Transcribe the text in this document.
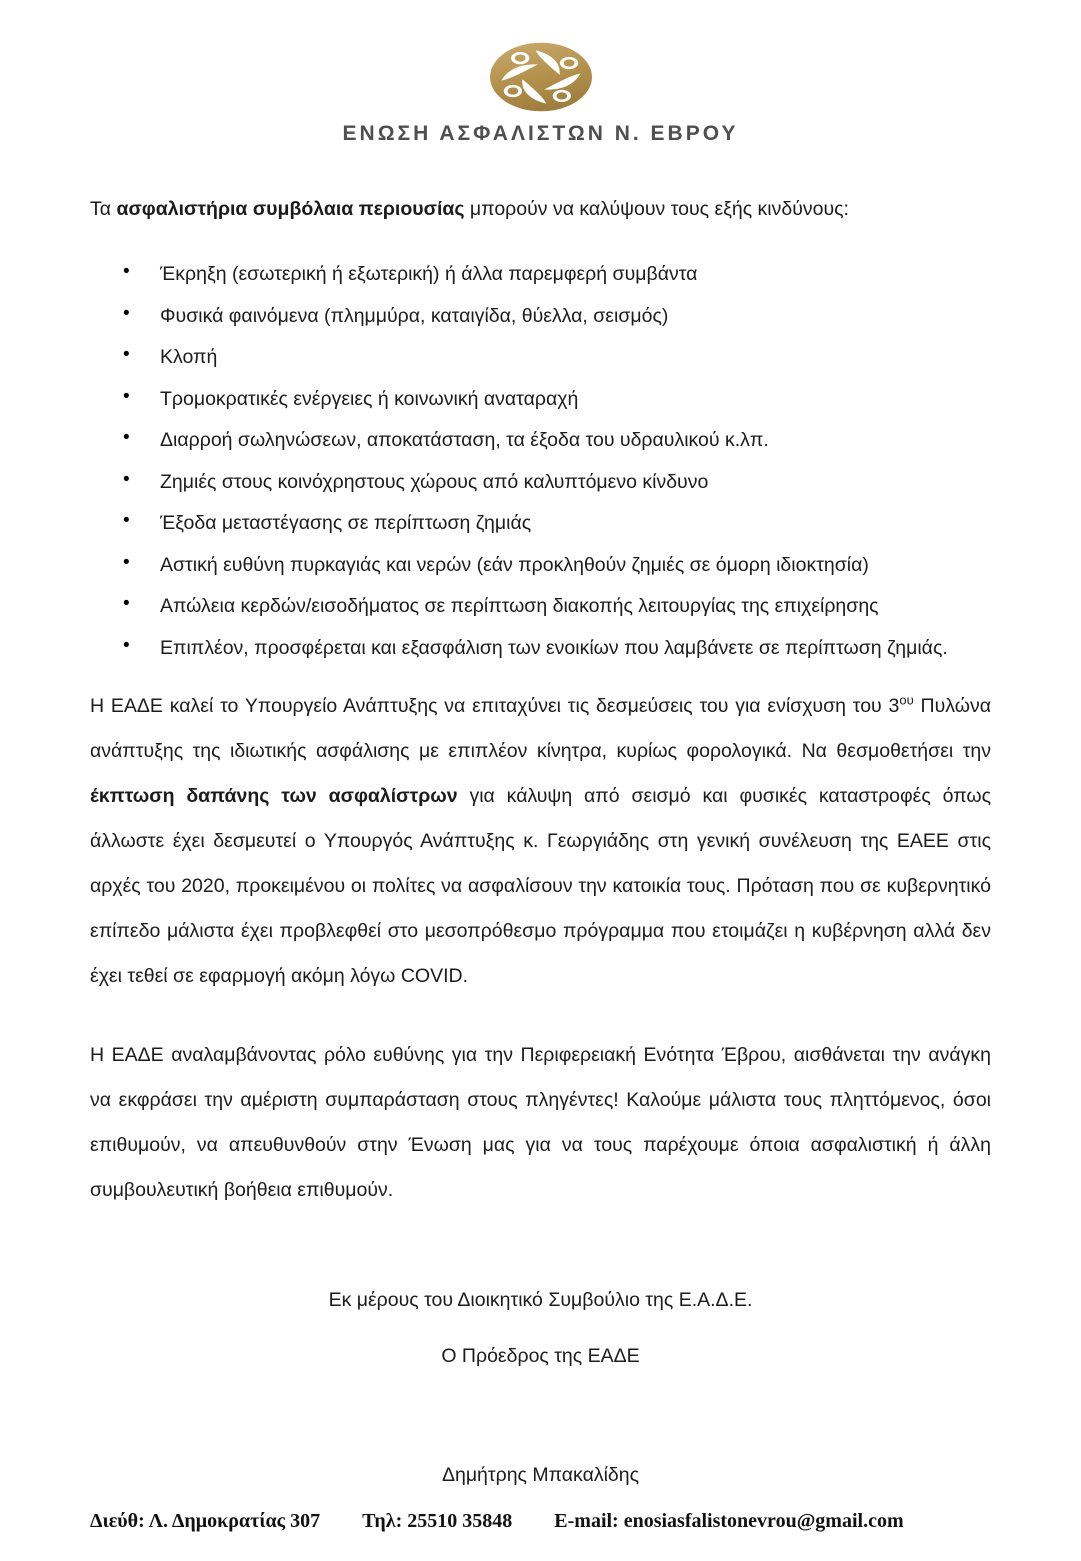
ΕΝΩΣΗ ΑΣΦΑΛΙΣΤΩΝ Ν. ΕΒΡΟΥ

Τα ασφαλιστήρια συμβόλαια περιουσίας μπορούν να καλύψουν τους εξής κινδύνους:

• Έκρηξη (εσωτερική ή εξωτερική) ή άλλα παρεμφερή συμβάντα
• Φυσικά φαινόμενα (πλημμύρα, καταιγίδα, θύελλα, σεισμός)
• Κλοπή
• Τρομοκρατικές ενέργειες ή κοινωνική αναταραχή
• Διαρροή σωληνώσεων, αποκατάσταση, τα έξοδα του υδραυλικού κ.λπ.
• Ζημιές στους κοινόχρηστους χώρους από καλυπτόμενο κίνδυνο
• Έξοδα μεταστέγασης σε περίπτωση ζημιάς
• Αστική ευθύνη πυρκαγιάς και νερών (εάν προκληθούν ζημιές σε όμορη ιδιοκτησία)
• Απώλεια κερδών/εισοδήματος σε περίπτωση διακοπής λειτουργίας της επιχείρησης
• Επιπλέον, προσφέρεται και εξασφάλιση των ενοικίων που λαμβάνετε σε περίπτωση ζημιάς.

Η ΕΑΔΕ καλεί το Υπουργείο Ανάπτυξης να επιταχύνει τις δεσμεύσεις του για ενίσχυση του $3^{o\upsilon}$ Πυλώνα ανάπτυξης της ιδιωτικής ασφάλισης με επιπλέον κίνητρα, κυρίως φορολογικά. Να θεσμοθετήσει την έκπτωση δαπάνης των ασφαλίστρων για κάλυψη από σεισμό και φυσικές καταστροφές όπως άλλωστε έχει δεσμευτεί ο Υπουργός Ανάπτυξης κ. Γεωργιάδης στη γενική συνέλευση της ΕΑΕΕ στις αρχές του 2020, προκειμένου οι πολίτες να ασφαλίσουν την κατοικία τους. Πρόταση που σε κυβερνητικό επίπεδο μάλιστα έχει προβλεφθεί στο μεσοπρόθεσμο πρόγραμμα που ετοιμάζει η κυβέρνηση αλλά δεν έχει τεθεί σε εφαρμογή ακόμη λόγω COVID.

Η ΕΑΔΕ αναλαμβάνοντας ρόλο ευθύνης για την Περιφερειακή Ενότητα Έβρου, αισθάνεται την ανάγκη να εκφράσει την αμέριστη συμπαράσταση στους πληγέντες! Καλούμε μάλιστα τους πληττόμενος, όσοι επιθυμούν, να απευθυνθούν στην Ένωση μας για να τους παρέχουμε όποια ασφαλιστική ή άλλη συμβουλευτική βοήθεια επιθυμούν.

Εκ μέρους του Διοικητικό Συμβούλιο της Ε.Α.Δ.Ε.
Ο Πρόεδρος της ΕΑΔΕ
Δημήτρης Μπακαλίδης
Διεύθ: Λ. Δημοκρατίας 307 Τηλ: 25510 35848 E-mail: enosiasfalistonevrou@gmail.com
